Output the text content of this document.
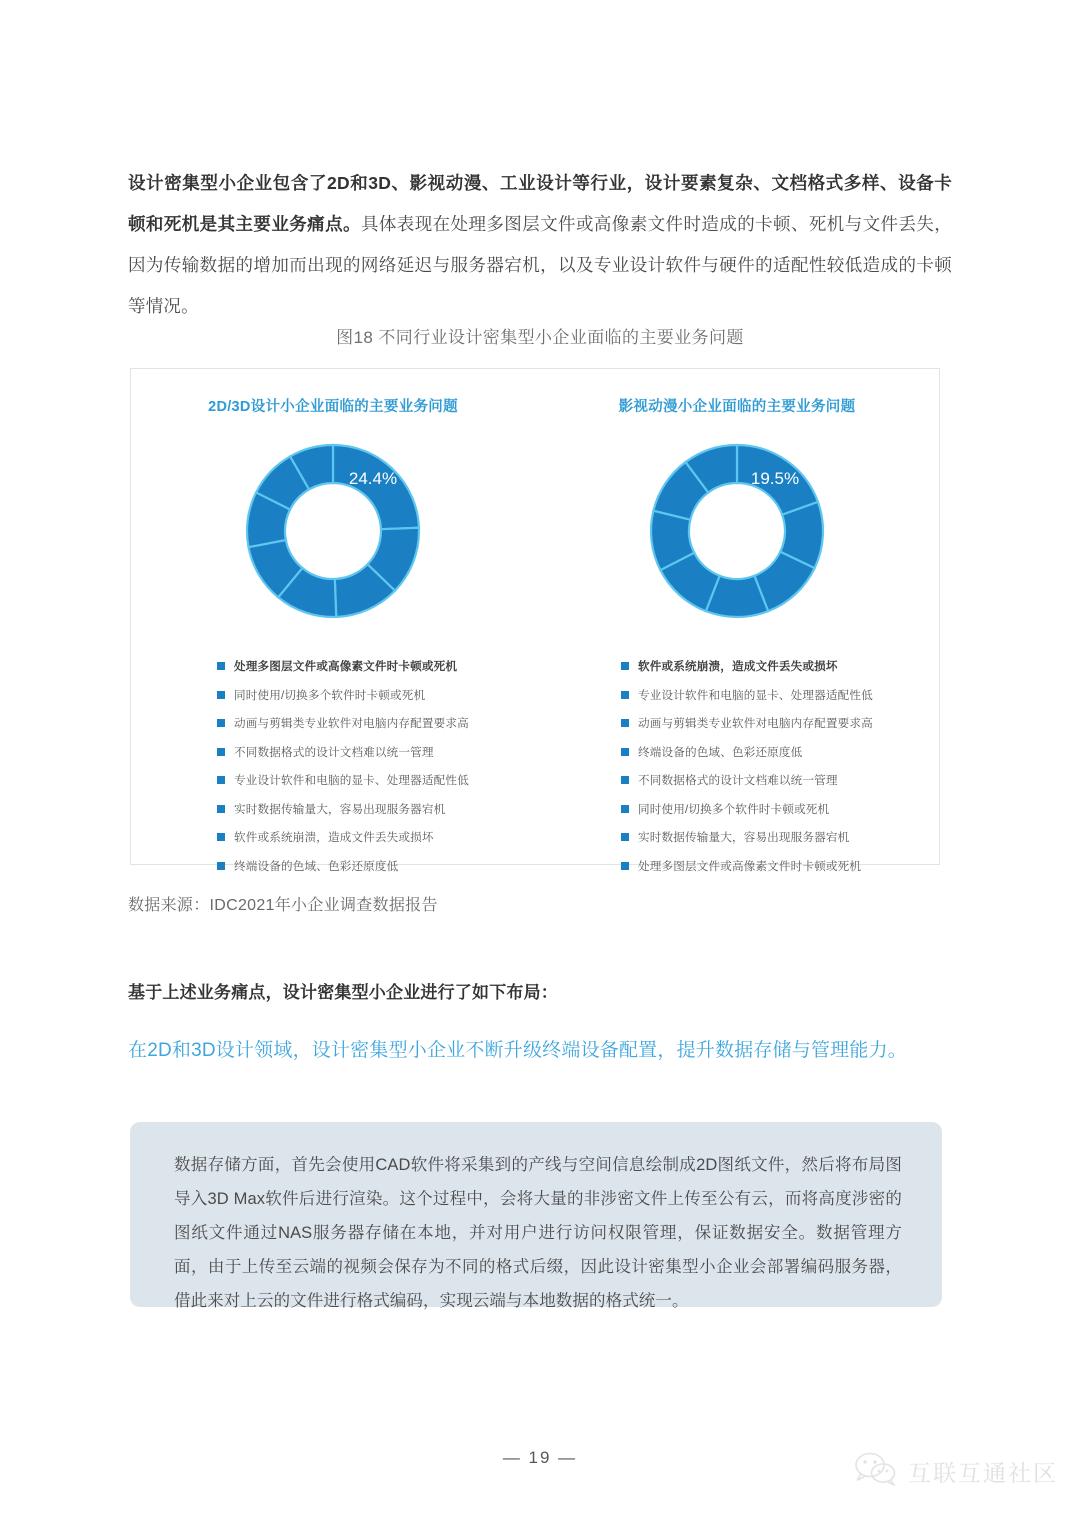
设计密集型小企业包含了2D和3D、影视动漫、工业设计等行业，设计要素复杂、文档格式多样、设备卡顿和死机是其主要业务痛点。具体表现在处理多图层文件或高像素文件时造成的卡顿、死机与文件丢失，因为传输数据的增加而出现的网络延迟与服务器宕机，以及专业设计软件与硬件的适配性较低造成的卡顿等情况。
图18 不同行业设计密集型小企业面临的主要业务问题
2D/3D设计小企业面临的主要业务问题
24.4%
处理多图层文件或高像素文件时卡顿或死机
同时使用/切换多个软件时卡顿或死机
动画与剪辑类专业软件对电脑内存配置要求高
不同数据格式的设计文档难以统一管理
专业设计软件和电脑的显卡、处理器适配性低
实时数据传输量大，容易出现服务器宕机
软件或系统崩溃，造成文件丢失或损坏
终端设备的色域、色彩还原度低
影视动漫小企业面临的主要业务问题
19.5%
软件或系统崩溃，造成文件丢失或损坏
专业设计软件和电脑的显卡、处理器适配性低
动画与剪辑类专业软件对电脑内存配置要求高
终端设备的色域、色彩还原度低
不同数据格式的设计文档难以统一管理
同时使用/切换多个软件时卡顿或死机
实时数据传输量大，容易出现服务器宕机
处理多图层文件或高像素文件时卡顿或死机
数据来源：IDC2021年小企业调查数据报告
基于上述业务痛点，设计密集型小企业进行了如下布局：
在2D和3D设计领域，设计密集型小企业不断升级终端设备配置，提升数据存储与管理能力。

数据存储方面，首先会使用CAD软件将采集到的产线与空间信息绘制成2D图纸文件，然后将布局图导入3D Max软件后进行渲染。这个过程中，会将大量的非涉密文件上传至公有云，而将高度涉密的图纸文件通过NAS服务器存储在本地，并对用户进行访问权限管理，保证数据安全。数据管理方面，由于上传至云端的视频会保存为不同的格式后缀，因此设计密集型小企业会部署编码服务器，借此来对上云的文件进行格式编码，实现云端与本地数据的格式统一。

— 19 —
互联互通社区
